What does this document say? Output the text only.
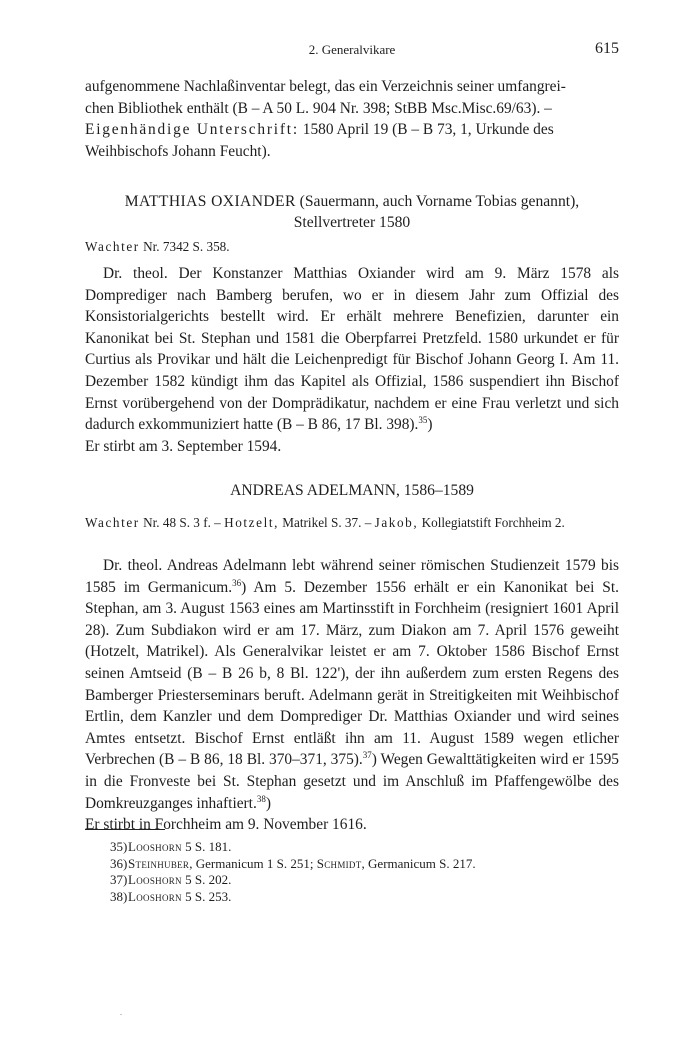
2. Generalvikare	615
aufgenommene Nachlaßinventar belegt, das ein Verzeichnis seiner umfangrei-
chen Bibliothek enthält (B – A 50 L. 904 Nr. 398; StBB Msc.Misc.69/63). –
Eigenhändige Unterschrift: 1580 April 19 (B – B 73, 1, Urkunde des
Weihbischofs Johann Feucht).

MATTHIAS OXIANDER (Sauermann, auch Vorname Tobias genannt),

Stellvertreter 1580

Wachter Nr. 7342 S. 358.

Dr. theol. Der Konstanzer Matthias Oxiander wird am 9. März 1578 als Domprediger nach Bamberg berufen, wo er in diesem Jahr zum Offizial des Konsistorialgerichts bestellt wird. Er erhält mehrere Benefizien, darunter ein Kanonikat bei St. Stephan und 1581 die Oberpfarrei Pretzfeld. 1580 urkundet er für Curtius als Provikar und hält die Leichenpredigt für Bischof Johann Georg I. Am 11. Dezember 1582 kündigt ihm das Kapitel als Offizial, 1586 suspendiert ihn Bischof Ernst vorübergehend von der Domprädikatur, nachdem er eine Frau verletzt und sich dadurch exkommuniziert hatte (B – B 86, 17 Bl. 398).$^{35}$)

Er stirbt am 3. September 1594.

ANDREAS ADELMANN, 1586–1589

Wachter Nr. 48 S. 3 f. – Hotzelt, Matrikel S. 37. – Jakob, Kollegiatstift Forchheim 2.

Dr. theol. Andreas Adelmann lebt während seiner römischen Studienzeit 1579 bis 1585 im Germanicum.$^{36}$) Am 5. Dezember 1556 erhält er ein Kanonikat bei St. Stephan, am 3. August 1563 eines am Martinsstift in Forchheim (resigniert 1601 April 28). Zum Subdiakon wird er am 17. März, zum Diakon am 7. April 1576 geweiht (Hotzelt, Matrikel). Als Generalvikar leistet er am 7. Oktober 1586 Bischof Ernst seinen Amtseid (B – B 26 b, 8 Bl. 122'), der ihn außerdem zum ersten Regens des Bamberger Priesterseminars beruft. Adelmann gerät in Streitigkeiten mit Weihbischof Ertlin, dem Kanzler und dem Domprediger Dr. Matthias Oxiander und wird seines Amtes entsetzt. Bischof Ernst entläßt ihn am 11. August 1589 wegen etlicher Verbrechen (B – B 86, 18 Bl. 370–371, 375).$^{37}$) Wegen Gewalttätigkeiten wird er 1595 in die Fronveste bei St. Stephan gesetzt und im Anschluß im Pfaffengewölbe des Domkreuzganges inhaftiert.$^{38}$)

Er stirbt in Forchheim am 9. November 1616.

35)Looshorn 5 S. 181.

36)Steinhuber, Germanicum 1 S. 251; Schmidt, Germanicum S. 217.

37)Looshorn 5 S. 202.

38)Looshorn 5 S. 253.
